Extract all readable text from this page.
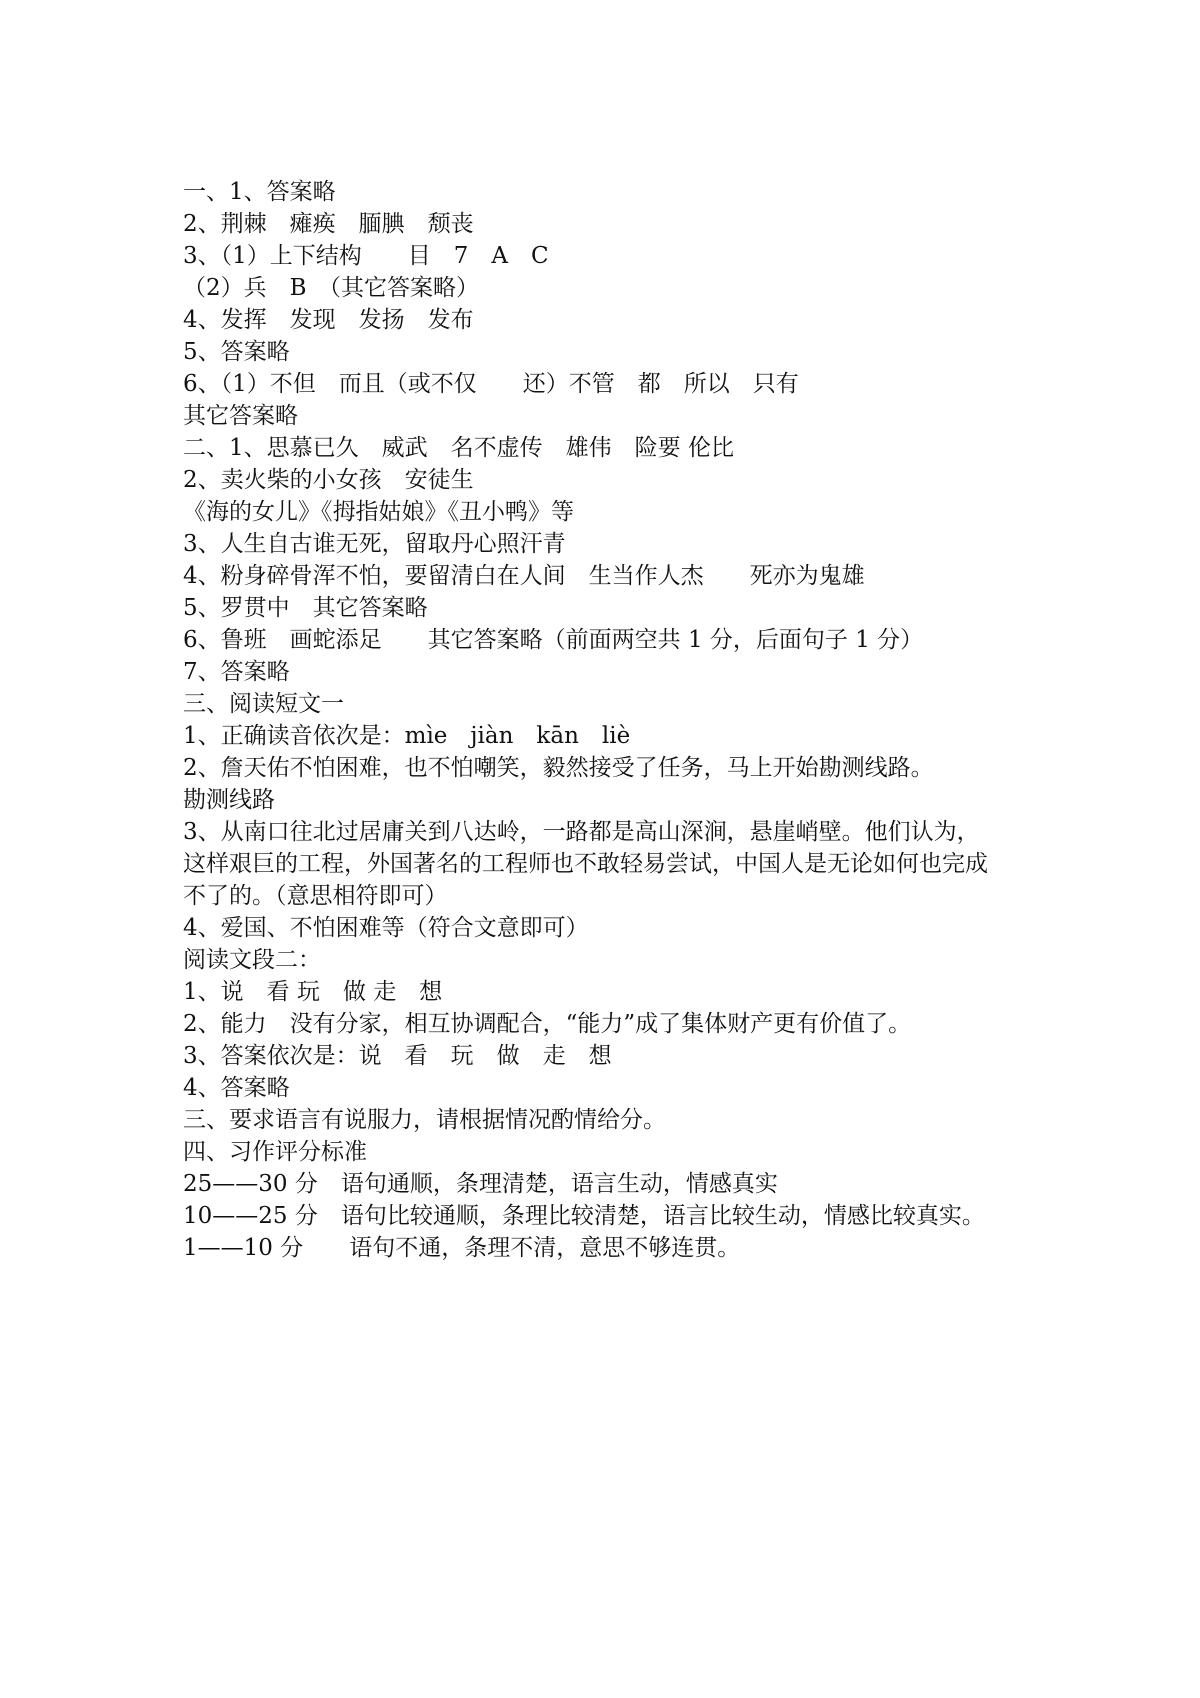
一、1、答案略

2、荆棘　瘫痪　腼腆　颓丧

3、（1）上下结构　　目　7　A　C

（2）兵　B　（其它答案略）

4、发挥　发现　发扬　发布

5、答案略

6、（1）不但　而且（或不仅　　还）不管　都　所以　只有

其它答案略

二、1、思慕已久　威武　名不虚传　雄伟　险要 伦比

2、卖火柴的小女孩　安徒生

《海的女儿》《拇指姑娘》《丑小鸭》等

3、人生自古谁无死，留取丹心照汗青

4、粉身碎骨浑不怕，要留清白在人间　生当作人杰　　死亦为鬼雄

5、罗贯中　其它答案略

6、鲁班　画蛇添足　　其它答案略（前面两空共 1 分，后面句子 1 分）

7、答案略

三、阅读短文一

1、正确读音依次是：mìe　jiàn　kān　liè

2、詹天佑不怕困难，也不怕嘲笑，毅然接受了任务，马上开始勘测线路。

勘测线路

3、从南口往北过居庸关到八达岭，一路都是高山深涧，悬崖峭壁。他们认为，

这样艰巨的工程，外国著名的工程师也不敢轻易尝试，中国人是无论如何也完成

不了的。（意思相符即可）

4、爱国、不怕困难等（符合文意即可）

阅读文段二：

1、说　看 玩　做 走　想

2、能力　没有分家，相互协调配合，“能力”成了集体财产更有价值了。

3、答案依次是：说　看　玩　做　走　想

4、答案略

三、要求语言有说服力，请根据情况酌情给分。

四、习作评分标准

25——30 分　语句通顺，条理清楚，语言生动，情感真实

10——25 分　语句比较通顺，条理比较清楚，语言比较生动，情感比较真实。

1——10 分　　语句不通，条理不清，意思不够连贯。
